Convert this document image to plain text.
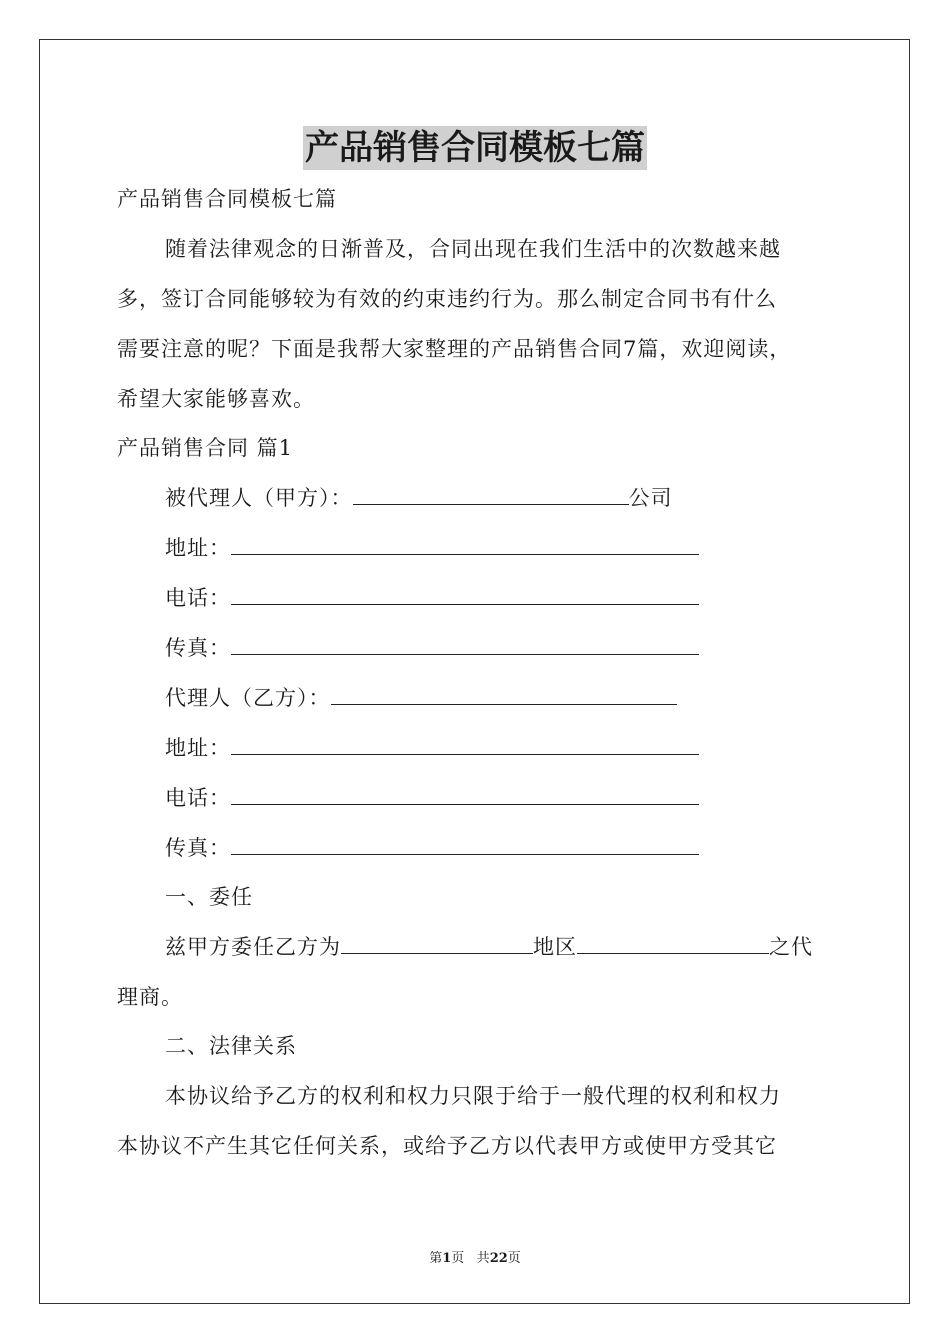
产品销售合同模板七篇
产品销售合同模板七篇
随着法律观念的日渐普及，合同出现在我们生活中的次数越来越
多，签订合同能够较为有效的约束违约行为。那么制定合同书有什么
需要注意的呢？下面是我帮大家整理的产品销售合同7篇，欢迎阅读，
希望大家能够喜欢。
产品销售合同 篇1
被代理人（甲方）：	公司
地址：
电话：
传真：
代理人（乙方）：
地址：
电话：
传真：
一、委任
兹甲方委任乙方为	地区	之代
理商。
二、法律关系
本协议给予乙方的权利和权力只限于给于一般代理的权利和权力
本协议不产生其它任何关系，或给予乙方以代表甲方或使甲方受其它
第1页 共22页
